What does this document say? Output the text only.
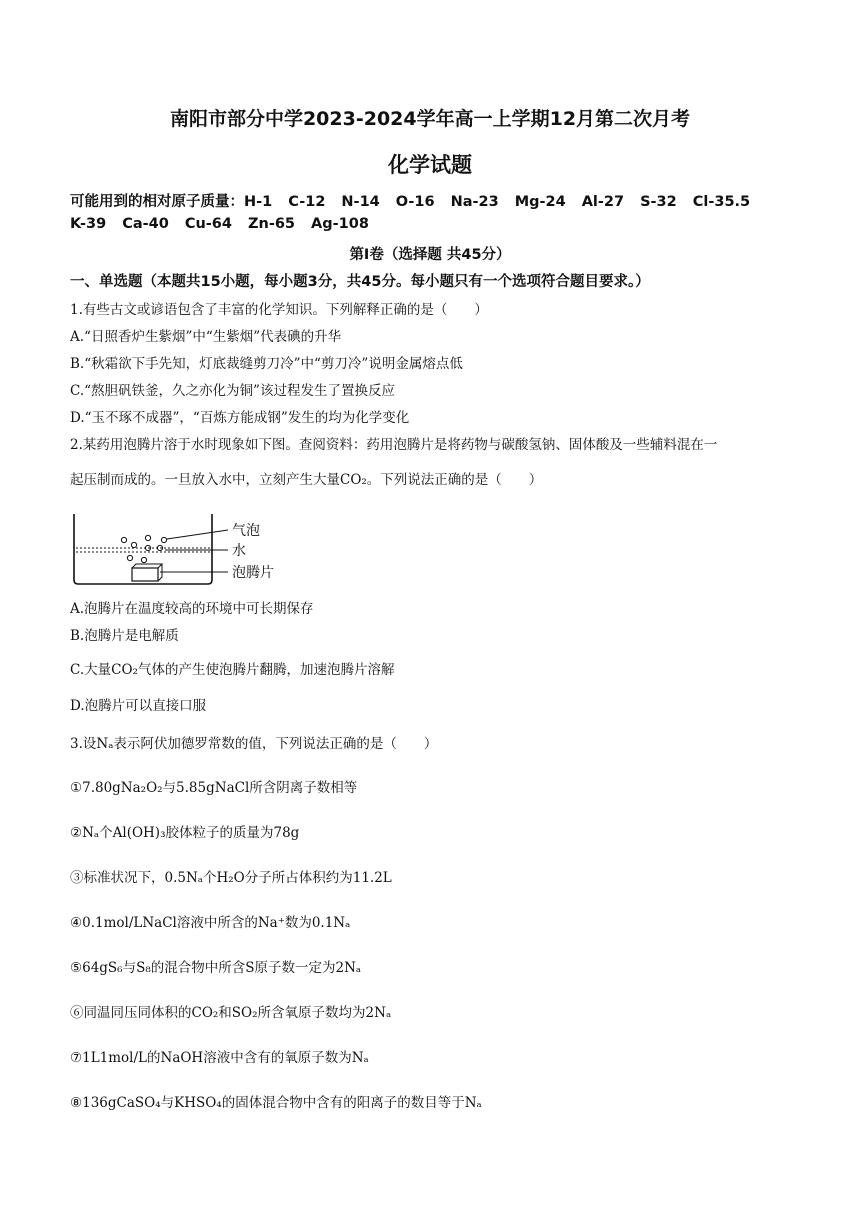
南阳市部分中学2023-2024学年高一上学期12月第二次月考
化学试题
可能用到的相对原子质量：H-1 C-12 N-14 O-16 Na-23 Mg-24 Al-27 S-32 Cl-35.5
K-39 Ca-40 Cu-64 Zn-65 Ag-108
第Ⅰ卷（选择题 共45分）
一、单选题（本题共15小题，每小题3分，共45分。每小题只有一个选项符合题目要求。）
1.有些古文或谚语包含了丰富的化学知识。下列解释正确的是（　　）
A.“日照香炉生紫烟”中“生紫烟”代表碘的升华
B.“秋霜欲下手先知，灯底裁缝剪刀冷”中“剪刀冷”说明金属熔点低
C.“熬胆矾铁釜，久之亦化为铜”该过程发生了置换反应
D.“玉不琢不成器”，“百炼方能成钢”发生的均为化学变化
2.某药用泡腾片溶于水时现象如下图。查阅资料：药用泡腾片是将药物与碳酸氢钠、固体酸及一些辅料混在一
起压制而成的。一旦放入水中，立刻产生大量CO₂。下列说法正确的是（　　）
气泡
水
泡腾片
A.泡腾片在温度较高的环境中可长期保存
B.泡腾片是电解质
C.大量CO₂气体的产生使泡腾片翻腾，加速泡腾片溶解
D.泡腾片可以直接口服
3.设Nₐ表示阿伏加德罗常数的值，下列说法正确的是（　　）
①7.80gNa₂O₂与5.85gNaCl所含阴离子数相等
②Nₐ个Al(OH)₃胶体粒子的质量为78g
③标准状况下，0.5Nₐ个H₂O分子所占体积约为11.2L
④0.1mol/LNaCl溶液中所含的Na⁺数为0.1Nₐ
⑤64gS₆与S₈的混合物中所含S原子数一定为2Nₐ
⑥同温同压同体积的CO₂和SO₂所含氧原子数均为2Nₐ
⑦1L1mol/L的NaOH溶液中含有的氧原子数为Nₐ
⑧136gCaSO₄与KHSO₄的固体混合物中含有的阳离子的数目等于Nₐ
